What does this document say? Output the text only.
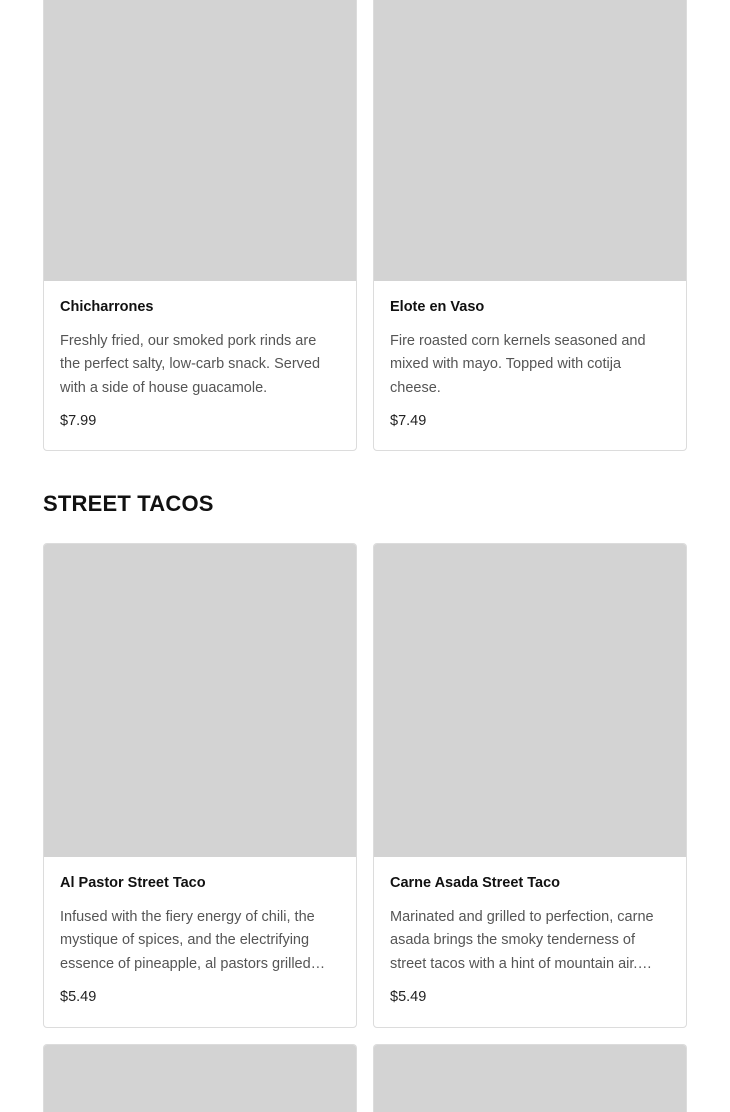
Chicharrones
Freshly fried, our smoked pork rinds are the perfect salty, low-carb snack. Served with a side of house guacamole.
$7.99
Elote en Vaso
Fire roasted corn kernels seasoned and mixed with mayo. Topped with cotija cheese.
$7.49
STREET TACOS
Al Pastor Street Taco
Infused with the fiery energy of chili, the mystique of spices, and the electrifying essence of pineapple, al pastors grilled…
$5.49
Carne Asada Street Taco
Marinated and grilled to perfection, carne asada brings the smoky tenderness of street tacos with a hint of mountain air.
$5.49
